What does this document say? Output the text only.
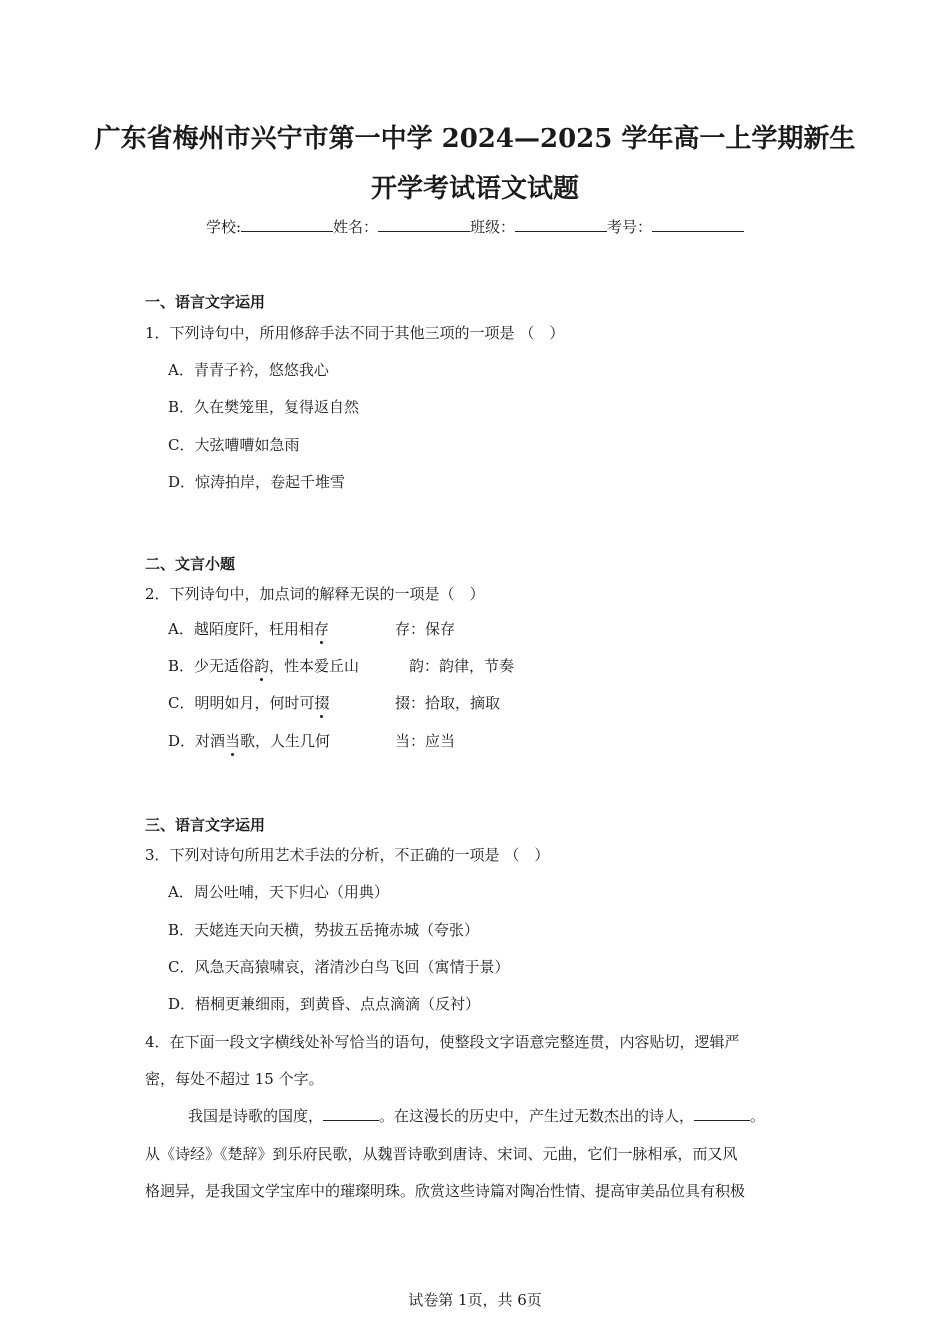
广东省梅州市兴宁市第一中学 2024—2025 学年高一上学期新生
开学考试语文试题
学校:	姓名：	班级：	考号：
一、语言文字运用
1．下列诗句中，所用修辞手法不同于其他三项的一项是 （　）
A．青青子衿，悠悠我心
B．久在樊笼里，复得返自然
C．大弦嘈嘈如急雨
D．惊涛拍岸，卷起千堆雪
二、文言小题
2．下列诗句中，加点词的解释无误的一项是（　）
A．越陌度阡，枉用相存	存：保存
B．少无适俗韵，性本爱丘山	韵：韵律，节奏
C．明明如月，何时可掇	掇：拾取，摘取
D．对酒当歌，人生几何	当：应当
三、语言文字运用
3．下列对诗句所用艺术手法的分析，不正确的一项是 （　）
A．周公吐哺，天下归心（用典）
B．天姥连天向天横，势拔五岳掩赤城（夸张）
C．风急天高猿啸哀，渚清沙白鸟飞回（寓情于景）
D．梧桐更兼细雨，到黄昏、点点滴滴（反衬）
4．在下面一段文字横线处补写恰当的语句，使整段文字语意完整连贯，内容贴切，逻辑严
密，每处不超过 15 个字。
我国是诗歌的国度，	。在这漫长的历史中，产生过无数杰出的诗人，	。
从《诗经》《楚辞》到乐府民歌，从魏晋诗歌到唐诗、宋词、元曲，它们一脉相承，而又风
格迥异，是我国文学宝库中的璀璨明珠。欣赏这些诗篇对陶冶性情、提高审美品位具有积极
试卷第 1页，共 6页
